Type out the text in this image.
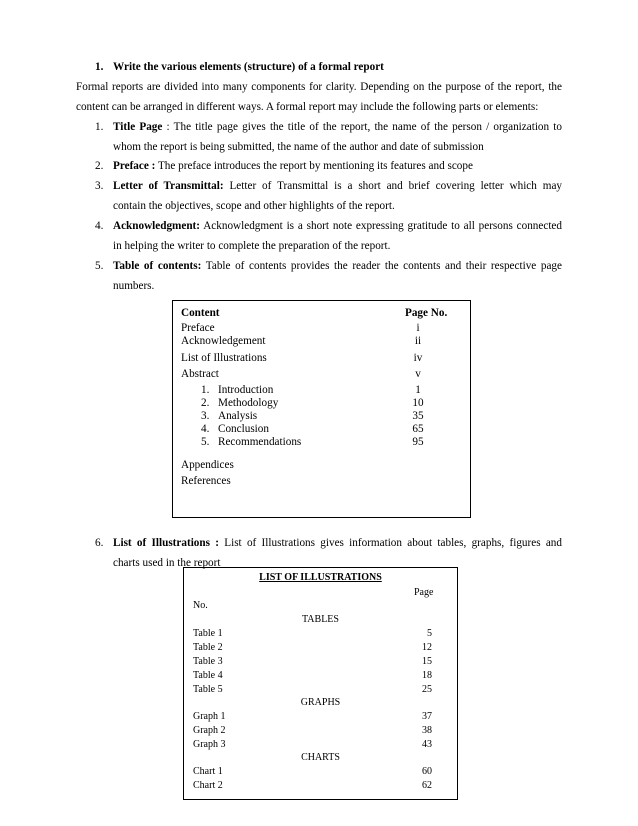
1. Write the various elements (structure) of a formal report
Formal reports are divided into many components for clarity. Depending on the purpose of the report, the
content can be arranged in different ways. A formal report may include the following parts or elements:
1. Title Page : The title page gives the title of the report, the name of the person / organization to
whom the report is being submitted, the name of the author and date of submission
2. Preface : The preface introduces the report by mentioning its features and scope
3. Letter of Transmittal: Letter of Transmittal is a short and brief covering letter which may
contain the objectives, scope and other highlights of the report.
4. Acknowledgment: Acknowledgment is a short note expressing gratitude to all persons connected
in helping the writer to complete the preparation of the report.
5. Table of contents: Table of contents provides the reader the contents and their respective page
numbers.
Content	Page No.
Preface	i
Acknowledgement	ii
List of Illustrations	iv
Abstract	v
1. Introduction	1
2. Methodology	10
3. Analysis	35
4. Conclusion	65
5. Recommendations	95
Appendices
References
6. List of Illustrations : List of Illustrations gives information about tables, graphs, figures and
charts used in the report
LIST OF ILLUSTRATIONS
Page
No.
TABLES
Table 1	5
Table 2	12
Table 3	15
Table 4	18
Table 5	25
GRAPHS
Graph 1	37
Graph 2	38
Graph 3	43
CHARTS
Chart 1	60
Chart 2	62
